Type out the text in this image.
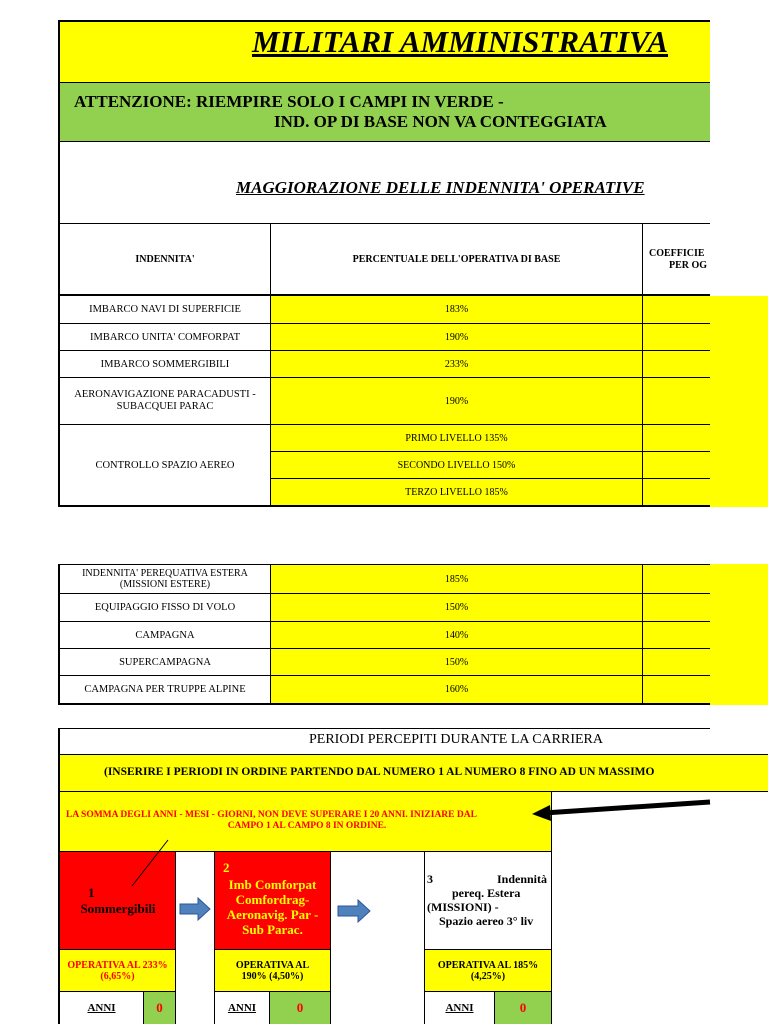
MILITARI AMMINISTRATIVA
ATTENZIONE: RIEMPIRE SOLO I CAMPI IN VERDE -
IND. OP DI BASE NON VA CONTEGGIATA
MAGGIORAZIONE DELLE INDENNITA' OPERATIVE
INDENNITA'	PERCENTUALE DELL'OPERATIVA DI BASE	COEFFICIE
PER OG
IMBARCO NAVI DI SUPERFICIE	183%
IMBARCO UNITA' COMFORPAT	190%
IMBARCO SOMMERGIBILI	233%
AERONAVIGAZIONE PARACADUSTI -
SUBACQUEI PARAC	190%
CONTROLLO SPAZIO AEREO
PRIMO LIVELLO 135%
SECONDO LIVELLO 150%
TERZO LIVELLO 185%
INDENNITA' PEREQUATIVA ESTERA
(MISSIONI ESTERE)	185%
EQUIPAGGIO FISSO DI VOLO	150%
CAMPAGNA	140%
SUPERCAMPAGNA	150%
CAMPAGNA PER TRUPPE ALPINE	160%
PERIODI PERCEPITI DURANTE LA CARRIERA
(INSERIRE I PERIODI IN ORDINE PARTENDO DAL NUMERO 1 AL NUMERO 8 FINO AD UN MASSIMO
LA SOMMA DEGLI ANNI - MESI - GIORNI, NON DEVE SUPERARE I 20 ANNI. INIZIARE DAL
CAMPO 1 AL CAMPO 8 IN ORDINE.
1
Sommergibili
OPERATIVA AL 233%
(6,65%)
ANNI	0
2
Imb Comforpat
Comfordrag-
Aeronavig. Par -
Sub Parac.
OPERATIVA AL
190% (4,50%)
ANNI	0
3	Indennità
pereq. Estera
(MISSIONI) -
Spazio aereo 3° liv
OPERATIVA AL 185%
(4,25%)
ANNI	0
